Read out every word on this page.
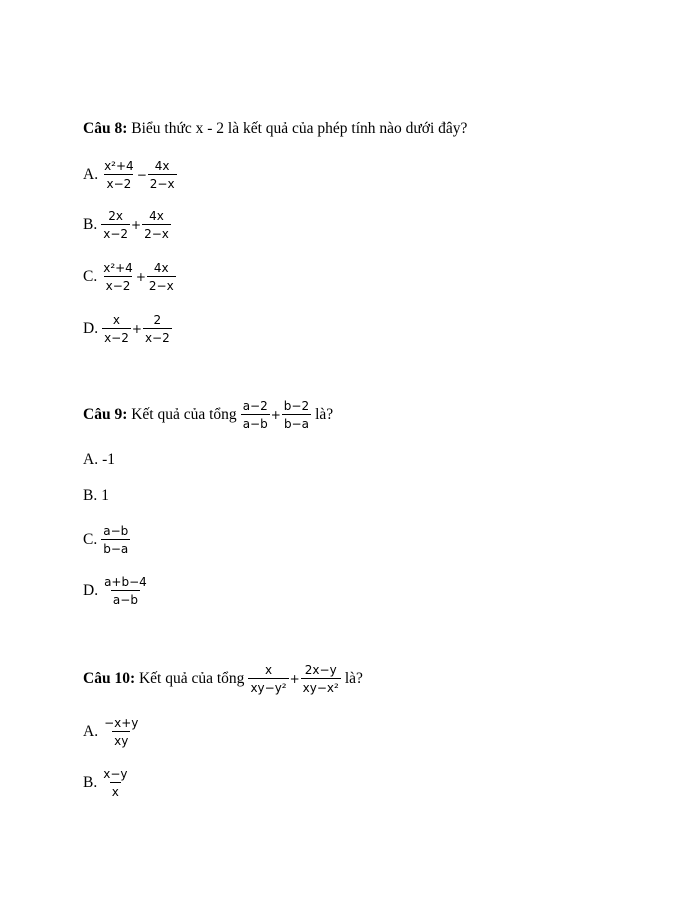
Câu 8: Biểu thức x - 2 là kết quả của phép tính nào dưới đây?
A. $\frac{\text{x²+4}}{x-2} - \frac{4x}{2-x}$
B. $\frac{2x}{x-2} + \frac{4x}{2-x}$
C. $\frac{\text{x²+4}}{x-2} + \frac{4x}{2-x}$
D. $\frac{x}{x-2} + \frac{2}{x-2}$
Câu 9: Kết quả của tổng $\frac{a-2}{a-b} + \frac{b-2}{b-a}$ là?
A. -1
B. 1
C. $\frac{a-b}{b-a}$
D. $\frac{a+b-4}{a-b}$
Câu 10: Kết quả của tổng $\frac{x}{\text{xy−y²}} + \frac{2x-y}{\text{xy−x²}}$ là?
A. $\frac{-x+y}{xy}$
B. $\frac{x-y}{x}$
